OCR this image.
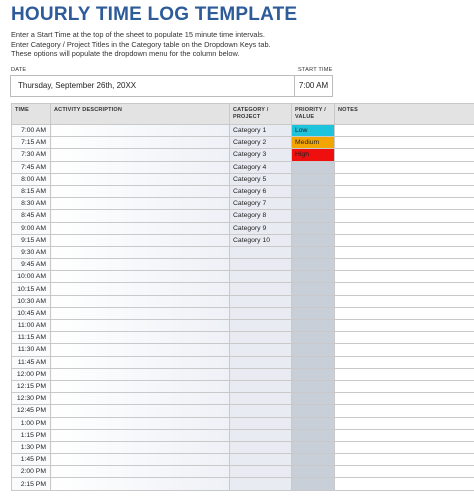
HOURLY TIME LOG TEMPLATE
Enter a Start Time at the top of the sheet to populate 15 minute time intervals.
Enter Category / Project Titles in the Category table on the Dropdown Keys tab.
These options will populate the dropdown menu for the column below.
DATE	START TIME
Thursday, September 26th, 20XX	7:00 AM
TIME	ACTIVITY DESCRIPTION	CATEGORY / PROJECT	PRIORITY / VALUE	NOTES
7:00 AM		Category 1	Low	
7:15 AM		Category 2	Medium	
7:30 AM		Category 3	High	
7:45 AM		Category 4		
8:00 AM		Category 5		
8:15 AM		Category 6		
8:30 AM		Category 7		
8:45 AM		Category 8		
9:00 AM		Category 9		
9:15 AM		Category 10		
9:30 AM				
9:45 AM				
10:00 AM				
10:15 AM				
10:30 AM				
10:45 AM				
11:00 AM				
11:15 AM				
11:30 AM				
11:45 AM				
12:00 PM				
12:15 PM				
12:30 PM				
12:45 PM				
1:00 PM				
1:15 PM				
1:30 PM				
1:45 PM				
2:00 PM				
2:15 PM				
